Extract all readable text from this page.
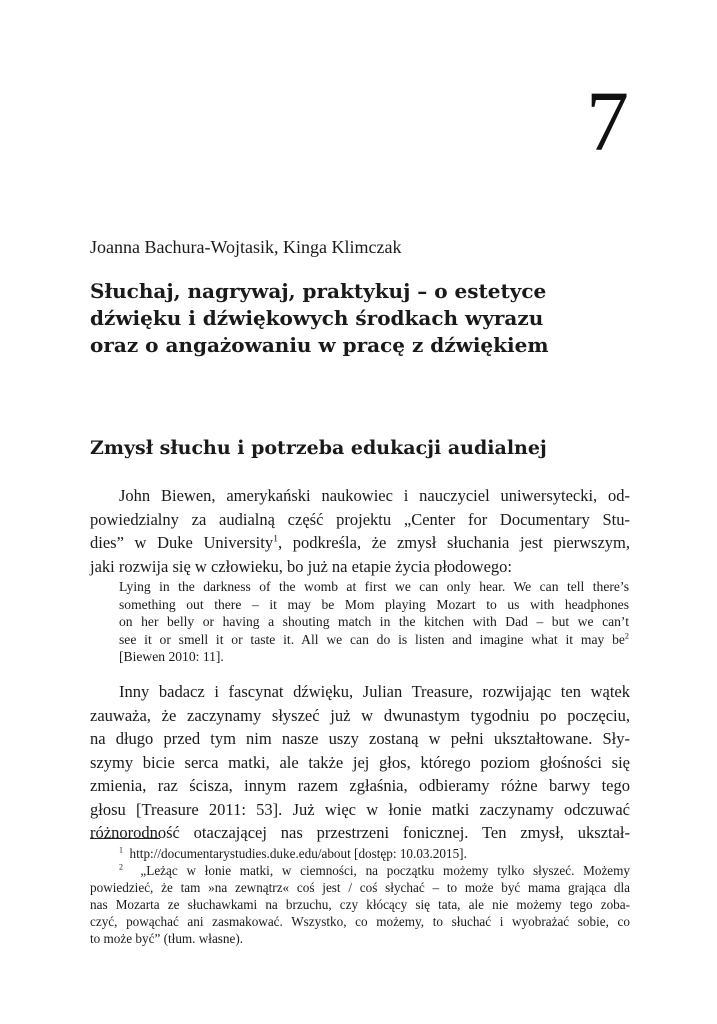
7
Joanna Bachura-Wojtasik, Kinga Klimczak
Słuchaj, nagrywaj, praktykuj – o estetyce
dźwięku i dźwiękowych środkach wyrazu
oraz o angażowaniu w pracę z dźwiękiem
Zmysł słuchu i potrzeba edukacji audialnej
John Biewen, amerykański naukowiec i nauczyciel uniwersytecki, od-
powiedzialny za audialną część projektu „Center for Documentary Stu-
dies” w Duke University$^1$, podkreśla, że zmysł słuchania jest pierwszym,
jaki rozwija się w człowieku, bo już na etapie życia płodowego:
Lying in the darkness of the womb at first we can only hear. We can tell there’s
something out there – it may be Mom playing Mozart to us with headphones
on her belly or having a shouting match in the kitchen with Dad – but we can’t
see it or smell it or taste it. All we can do is listen and imagine what it may $be^2$
[Biewen 2010: 11].
Inny badacz i fascynat dźwięku, Julian Treasure, rozwijając ten wątek
zauważa, że zaczynamy słyszeć już w dwunastym tygodniu po poczęciu,
na długo przed tym nim nasze uszy zostaną w pełni ukształtowane. Sły-
szymy bicie serca matki, ale także jej głos, którego poziom głośności się
zmienia, raz ścisza, innym razem zgłaśnia, odbieramy różne barwy tego
głosu [Treasure 2011: 53]. Już więc w łonie matki zaczynamy odczuwać
różnorodność otaczającej nas przestrzeni fonicznej. Ten zmysł, ukształ-
$^1$ http://documentarystudies.duke.edu/about [dostęp: 10.03.2015].
$^2$ „Leżąc w łonie matki, w ciemności, na początku możemy tylko słyszeć. Możemy
powiedzieć, że tam »na zewnątrz« coś jest / coś słychać – to może być mama grająca dla
nas Mozarta ze słuchawkami na brzuchu, czy kłócący się tata, ale nie możemy tego zoba-
czyć, powąchać ani zasmakować. Wszystko, co możemy, to słuchać i wyobrażać sobie, co
to może być” (tłum. własne).
